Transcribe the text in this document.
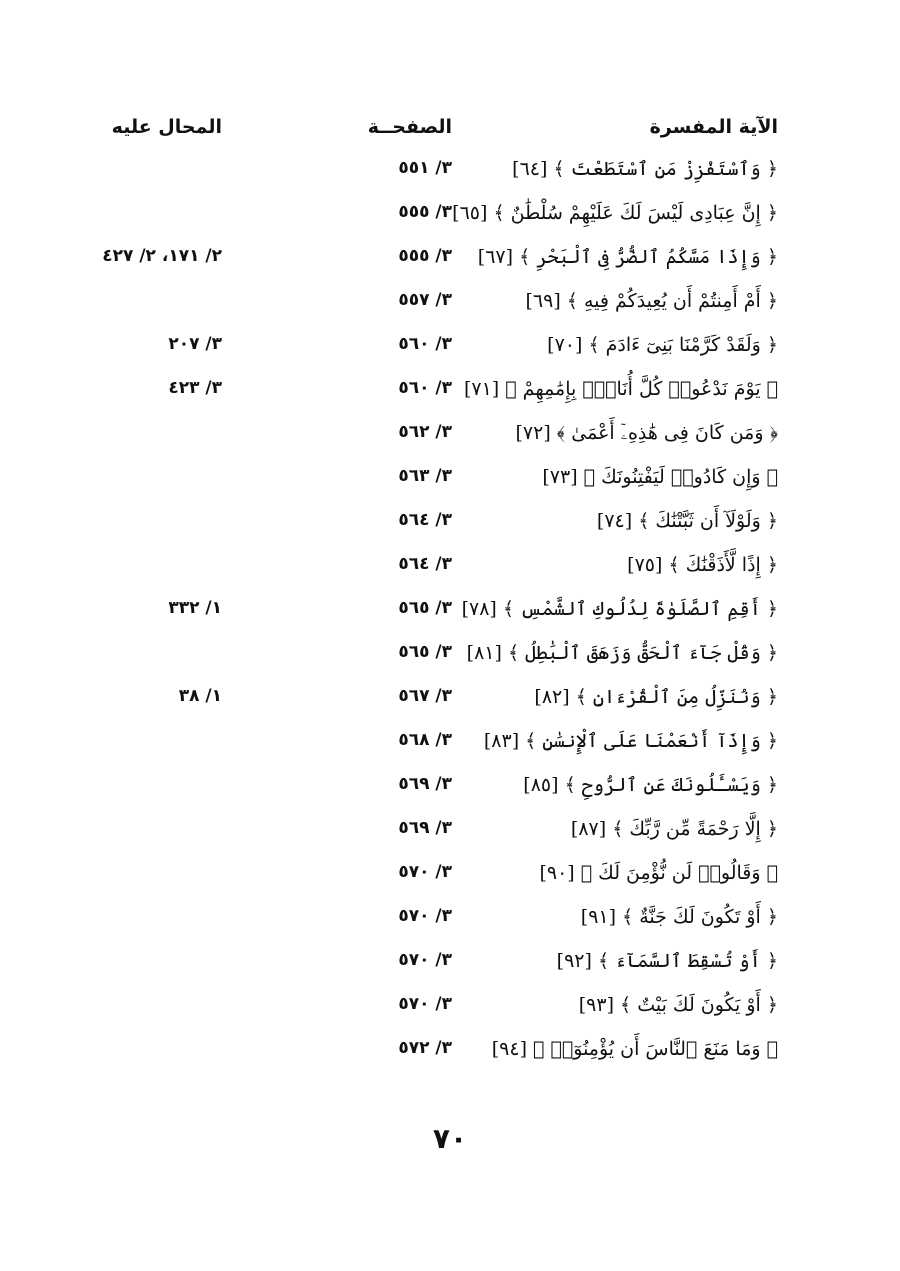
الآية المفسرة
الصفحــة
المحال عليه
﴿ وَٱسْتَفْزِزْ مَنِ ٱسْتَطَعْتَ ﴾ [٦٤]
٣/ ٥٥١
﴿ إِنَّ عِبَادِى لَيْسَ لَكَ عَلَيْهِمْ سُلْطَٰنٌ ﴾ [٦٥]
٣/ ٥٥٥
﴿ وَإِذَا مَسَّكُمُ ٱلضُّرُّ فِى ٱلْبَحْرِ ﴾ [٦٧]
٣/ ٥٥٥
٢/ ١٧١، ٢/ ٤٢٧
﴿ أَمْ أَمِنتُمْ أَن يُعِيدَكُمْ فِيهِ ﴾ [٦٩]
٣/ ٥٥٧
﴿ وَلَقَدْ كَرَّمْنَا بَنِىٓ ءَادَمَ ﴾ [٧٠]
٣/ ٥٦٠
٣/ ٢٠٧
﴿ يَوْمَ نَدْعُوا۟ كُلَّ أُنَاسٍۭ بِإِمَٰمِهِمْ ﴾ [٧١]
٣/ ٥٦٠
٣/ ٤٢٣
﴿ وَمَن كَانَ فِى هَٰذِهِۦٓ أَعْمَىٰ ﴾ [٧٢]
٣/ ٥٦٢
﴿ وَإِن كَادُوا۟ لَيَفْتِنُونَكَ ﴾ [٧٣]
٣/ ٥٦٣
﴿ وَلَوْلَآ أَن ثَبَّتْنَٰكَ ﴾ [٧٤]
٣/ ٥٦٤
﴿ إِذًا لَّأَذَقْنَٰكَ ﴾ [٧٥]
٣/ ٥٦٤
﴿ أَقِمِ ٱلصَّلَوٰةَ لِدُلُوكِ ٱلشَّمْسِ ﴾ [٧٨]
٣/ ٥٦٥
١/ ٣٣٢
﴿ وَقُلْ جَآءَ ٱلْحَقُّ وَزَهَقَ ٱلْبَٰطِلُ ﴾ [٨١]
٣/ ٥٦٥
﴿ وَنُنَزِّلُ مِنَ ٱلْقُرْءَانِ ﴾ [٨٢]
٣/ ٥٦٧
١/ ٣٨
﴿ وَإِذَآ أَنْعَمْنَا عَلَى ٱلْإِنسَٰنِ ﴾ [٨٣]
٣/ ٥٦٨
﴿ وَيَسْـَٔلُونَكَ عَنِ ٱلرُّوحِ ﴾ [٨٥]
٣/ ٥٦٩
﴿ إِلَّا رَحْمَةً مِّن رَّبِّكَ ﴾ [٨٧]
٣/ ٥٦٩
﴿ وَقَالُوا۟ لَن نُّؤْمِنَ لَكَ ﴾ [٩٠]
٣/ ٥٧٠
﴿ أَوْ تَكُونَ لَكَ جَنَّةٌ ﴾ [٩١]
٣/ ٥٧٠
﴿ أَوْ تُسْقِطَ ٱلسَّمَآءَ ﴾ [٩٢]
٣/ ٥٧٠
﴿ أَوْ يَكُونَ لَكَ بَيْتٌ ﴾ [٩٣]
٣/ ٥٧٠
﴿ وَمَا مَنَعَ ٱلنَّاسَ أَن يُؤْمِنُوٓا۟ ﴾ [٩٤]
٣/ ٥٧٢
٧٠
